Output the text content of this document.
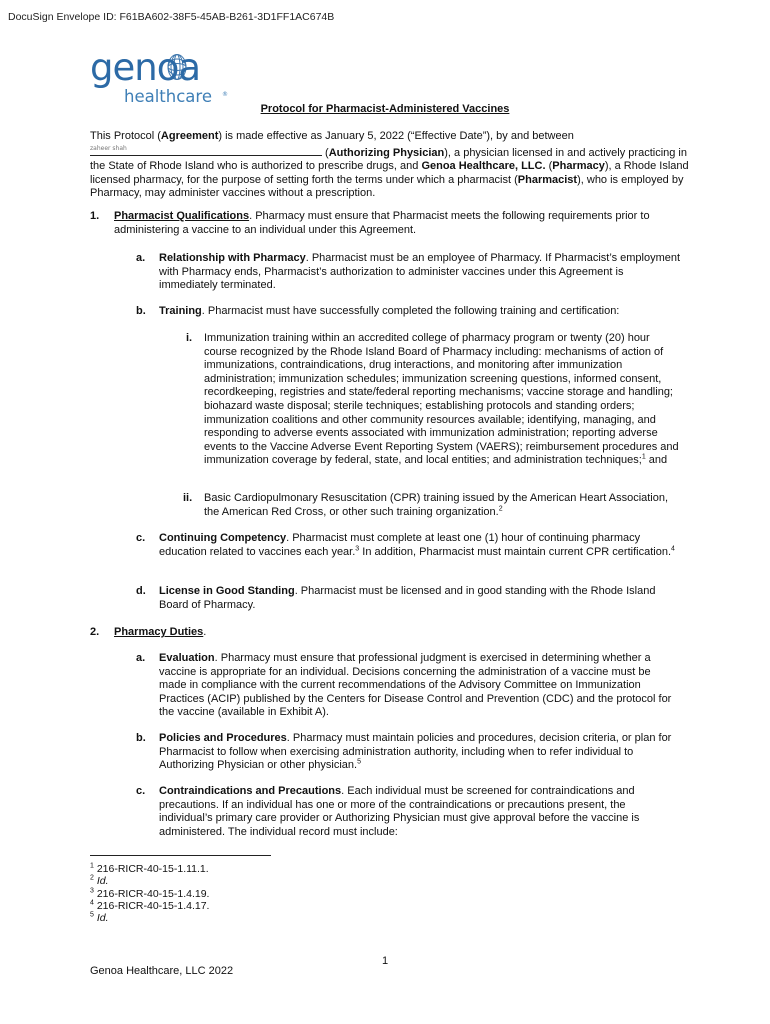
DocuSign Envelope ID: F61BA602-38F5-45AB-B261-3D1FF1AC674B
genoa
healthcare ®
Protocol for Pharmacist-Administered Vaccines
This Protocol (Agreement) is made effective as January 5, 2022 (“Effective Date”), by and between

zaheer shah	(Authorizing Physician), a physician licensed in and actively practicing in the State of Rhode Island who is authorized to prescribe drugs, and Genoa Healthcare, LLC. (Pharmacy), a Rhode Island licensed pharmacy, for the purpose of setting forth the terms under which a pharmacist (Pharmacist), who is employed by Pharmacy, may administer vaccines without a prescription.
1. Pharmacist Qualifications. Pharmacy must ensure that Pharmacist meets the following requirements prior to administering a vaccine to an individual under this Agreement.
a. Relationship with Pharmacy. Pharmacist must be an employee of Pharmacy. If Pharmacist’s employment with Pharmacy ends, Pharmacist’s authorization to administer vaccines under this Agreement is immediately terminated.
b. Training. Pharmacist must have successfully completed the following training and certification:
i. Immunization training within an accredited college of pharmacy program or twenty (20) hour course recognized by the Rhode Island Board of Pharmacy including: mechanisms of action of immunizations, contraindications, drug interactions, and monitoring after immunization administration; immunization schedules; immunization screening questions, informed consent, recordkeeping, registries and state/federal reporting mechanisms; vaccine storage and handling; biohazard waste disposal; sterile techniques; establishing protocols and standing orders; immunization coalitions and other community resources available; identifying, managing, and responding to adverse events associated with immunization administration; reporting adverse events to the Vaccine Adverse Event Reporting System (VAERS); reimbursement procedures and immunization coverage by federal, state, and local entities; and administration techniques;$^1$ and
ii. Basic Cardiopulmonary Resuscitation (CPR) training issued by the American Heart Association, the American Red Cross, or other such training organization.$^2$
c. Continuing Competency. Pharmacist must complete at least one (1) hour of continuing pharmacy education related to vaccines each year.$^3$ In addition, Pharmacist must maintain current CPR certification.$^4$
d. License in Good Standing. Pharmacist must be licensed and in good standing with the Rhode Island Board of Pharmacy.
2. Pharmacy Duties.
a. Evaluation. Pharmacy must ensure that professional judgment is exercised in determining whether a vaccine is appropriate for an individual. Decisions concerning the administration of a vaccine must be made in compliance with the current recommendations of the Advisory Committee on Immunization Practices (ACIP) published by the Centers for Disease Control and Prevention (CDC) and the protocol for the vaccine (available in Exhibit A).
b. Policies and Procedures. Pharmacy must maintain policies and procedures, decision criteria, or plan for Pharmacist to follow when exercising administration authority, including when to refer individual to Authorizing Physician or other physician.$^5$
c. Contraindications and Precautions. Each individual must be screened for contraindications and precautions. If an individual has one or more of the contraindications or precautions present, the individual’s primary care provider or Authorizing Physician must give approval before the vaccine is administered. The individual record must include:
$^1$ 216-RICR-40-15-1.11.1.
$^2$ Id.
$^3$ 216-RICR-40-15-1.4.19.
$^4$ 216-RICR-40-15-1.4.17.
$^5$ Id.
1
Genoa Healthcare, LLC 2022
